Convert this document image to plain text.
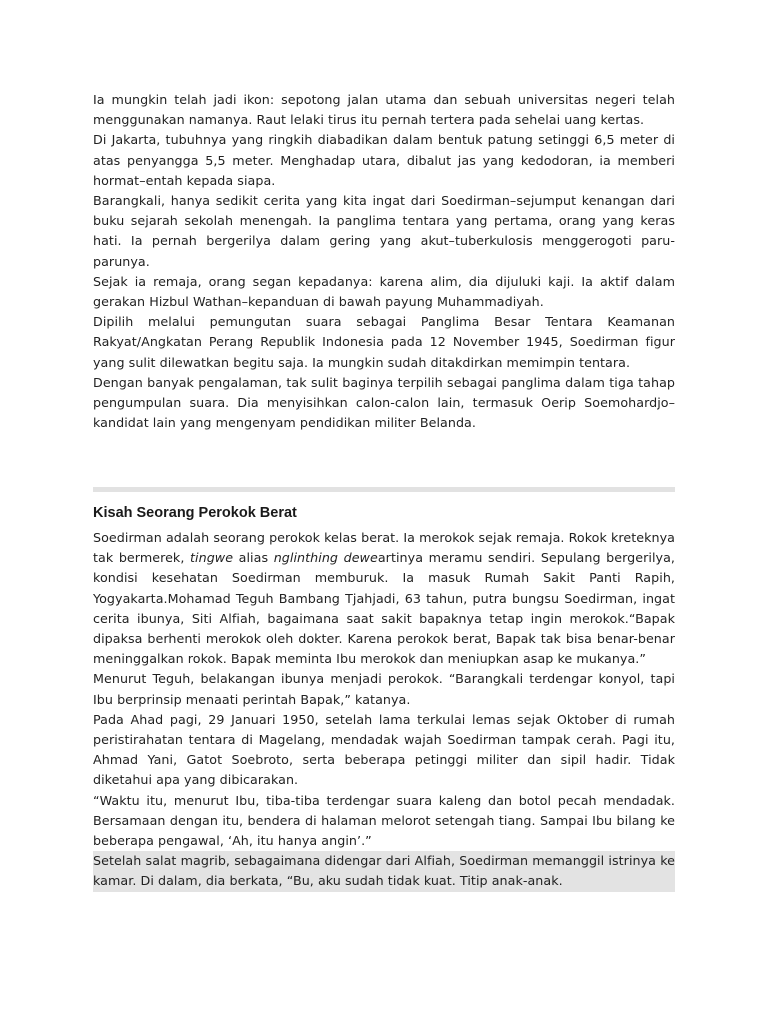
Ia mungkin telah jadi ikon: sepotong jalan utama dan sebuah universitas negeri telah menggunakan namanya. Raut lelaki tirus itu pernah tertera pada sehelai uang kertas.

Di Jakarta, tubuhnya yang ringkih diabadikan dalam bentuk patung setinggi 6,5 meter di atas penyangga 5,5 meter. Menghadap utara, dibalut jas yang kedodoran, ia memberi hormat–entah kepada siapa.

Barangkali, hanya sedikit cerita yang kita ingat dari Soedirman–sejumput kenangan dari buku sejarah sekolah menengah. Ia panglima tentara yang pertama, orang yang keras hati. Ia pernah bergerilya dalam gering yang akut–tuberkulosis menggerogoti paru-parunya.

Sejak ia remaja, orang segan kepadanya: karena alim, dia dijuluki kaji. Ia aktif dalam gerakan Hizbul Wathan–kepanduan di bawah payung Muhammadiyah.

Dipilih melalui pemungutan suara sebagai Panglima Besar Tentara Keamanan Rakyat/Angkatan Perang Republik Indonesia pada 12 November 1945, Soedirman figur yang sulit dilewatkan begitu saja. Ia mungkin sudah ditakdirkan memimpin tentara.

Dengan banyak pengalaman, tak sulit baginya terpilih sebagai panglima dalam tiga tahap pengumpulan suara. Dia menyisihkan calon-calon lain, termasuk Oerip Soemohardjo–kandidat lain yang mengenyam pendidikan militer Belanda.

Kisah Seorang Perokok Berat

Soedirman adalah seorang perokok kelas berat. Ia merokok sejak remaja. Rokok kreteknya tak bermerek, tingwe alias nglinthing deweartinya meramu sendiri. Sepulang bergerilya, kondisi kesehatan Soedirman memburuk. Ia masuk Rumah Sakit Panti Rapih, Yogyakarta.Mohamad Teguh Bambang Tjahjadi, 63 tahun, putra bungsu Soedirman, ingat cerita ibunya, Siti Alfiah, bagaimana saat sakit bapaknya tetap ingin merokok.“Bapak dipaksa berhenti merokok oleh dokter. Karena perokok berat, Bapak tak bisa benar-benar meninggalkan rokok. Bapak meminta Ibu merokok dan meniupkan asap ke mukanya.”

Menurut Teguh, belakangan ibunya menjadi perokok. “Barangkali terdengar konyol, tapi Ibu berprinsip menaati perintah Bapak,” katanya.

Pada Ahad pagi, 29 Januari 1950, setelah lama terkulai lemas sejak Oktober di rumah peristirahatan tentara di Magelang, mendadak wajah Soedirman tampak cerah. Pagi itu, Ahmad Yani, Gatot Soebroto, serta beberapa petinggi militer dan sipil hadir. Tidak diketahui apa yang dibicarakan.

“Waktu itu, menurut Ibu, tiba-tiba terdengar suara kaleng dan botol pecah mendadak. Bersamaan dengan itu, bendera di halaman melorot setengah tiang. Sampai Ibu bilang ke beberapa pengawal, ‘Ah, itu hanya angin’.”

Setelah salat magrib, sebagaimana didengar dari Alfiah, Soedirman memanggil istrinya ke kamar. Di dalam, dia berkata, “Bu, aku sudah tidak kuat. Titip anak-anak.
